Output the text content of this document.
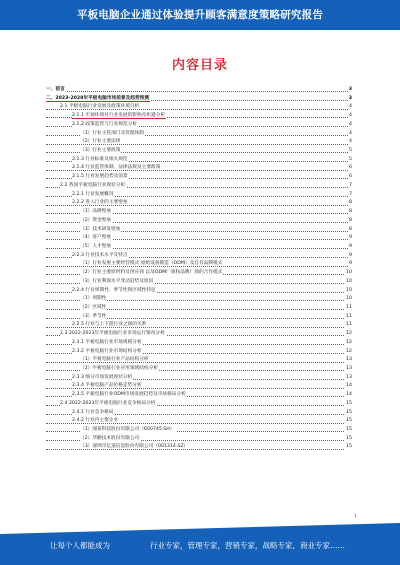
平板电脑企业通过体验提升顾客满意度策略研究报告
内容目录
一、前言	3
二、2023-2028年平板电脑市场前景及趋势预测	3
2.1 平板电脑行业发展及政策环境分析	4
2.1.1 宏观环境对行业发展的影响及机遇分析	4
2.1.2 政策监管与行业规范分析	4
（1）行业主管部门及管理体制	4
（2）行业主要法规	4
（3）行业主要政策	5
2.1.3 行业标准及相关规范	5
2.1.4 行业监管体制、法律法规及主要政策	6
2.1.5 行业发展趋势及前景	6
2.2 我国平板电脑行业现状分析	7
2.2.1 行业发展概况	7
2.2.2 进入行业的主要壁垒	8
（1）品牌壁垒	8
（2）资金壁垒	8
（3）技术研发壁垒	8
（4）客户壁垒	9
（5）人才壁垒	9
2.2.3 行业技术水平及特点	9
（1）行业发展主要经营模式 原始设备制造（ODM）及自有品牌模式	9
（2）行业主要原材料及供应商 以及ODM厂商和品牌厂商的合作模式	10
（3）行业利润水平变动趋势及原因	10
2.2.4 行业周期性、季节性和区域性特征	10
（1）周期性	10
（2）区域性	11
（3）季节性	11
2.2.5 行业与上下游行业之间的关系	11
2.3 2022-2023年平板电脑行业市场运行情况分析	12
2.3.1 平板电脑行业市场规模分析	12
2.3.2 平板电脑行业市场结构分析	12
（1）平板电脑行业产品结构分析	13
（2）平板电脑行业应用领域结构分析	13
2.3.3 细分市场发展现状分析	13
2.3.4 平板电脑产品价格走势分析	14
2.3.5 平板电脑行业ODM市场发展趋势及市场格局分析	14
2.4 2022-2023年平板电脑行业竞争格局分析	15
2.4.1 行业竞争格局	15
2.4.2 行业内主要企业	15
（1）闻泰科技股份有限公司（600745.SH）	15
（2）华勤技术股份有限公司	15
（3）深圳市亿道信息股份有限公司（001314.SZ）	15
1
让每个人都能成为	行业专家，管理专家，营销专家，战略专家，商业专家……
